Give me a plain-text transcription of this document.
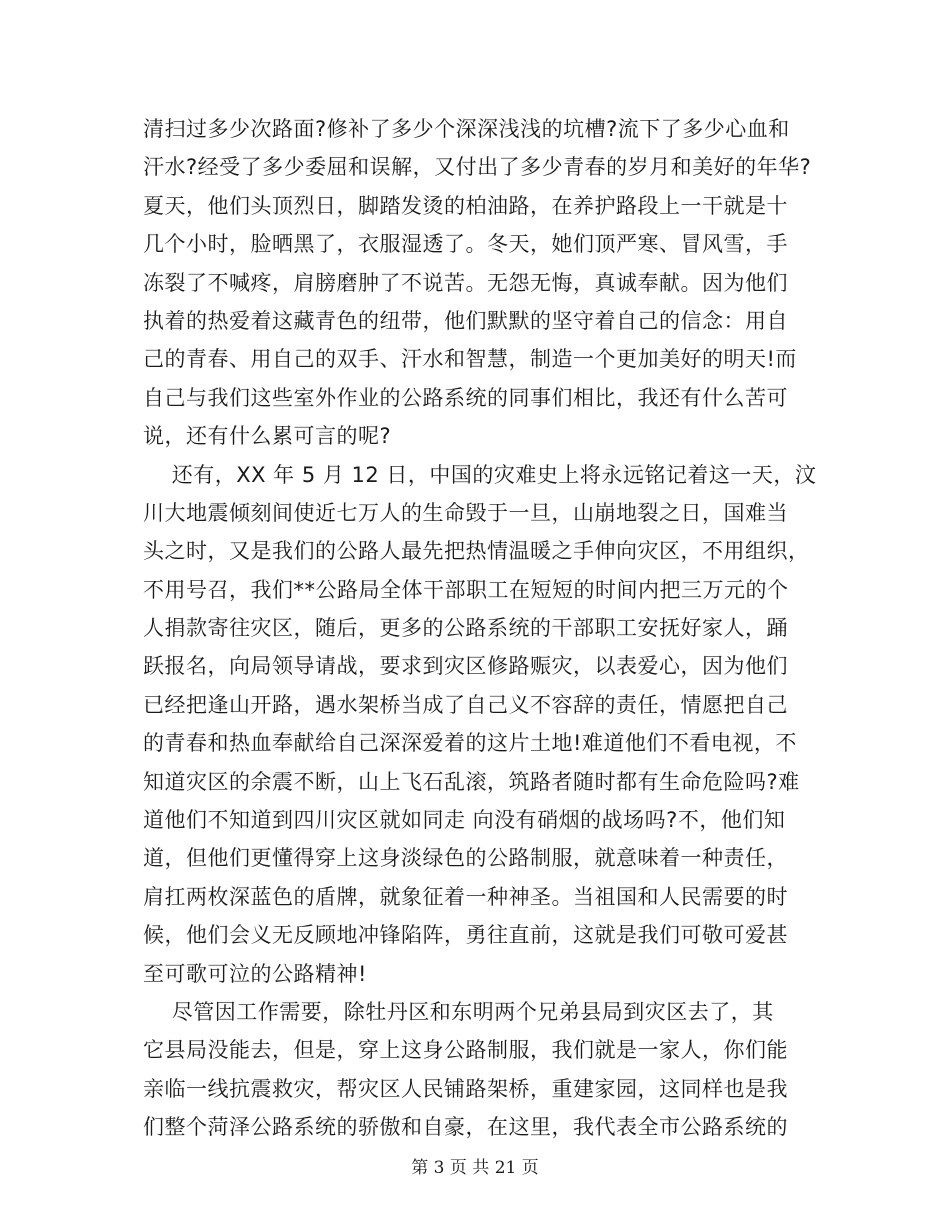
清扫过多少次路面?修补了多少个深深浅浅的坑槽?流下了多少心血和
汗水?经受了多少委屈和误解，又付出了多少青春的岁月和美好的年华?
夏天，他们头顶烈日，脚踏发烫的柏油路，在养护路段上一干就是十
几个小时，脸晒黑了，衣服湿透了。冬天，她们顶严寒、冒风雪，手
冻裂了不喊疼，肩膀磨肿了不说苦。无怨无悔，真诚奉献。因为他们
执着的热爱着这藏青色的纽带，他们默默的坚守着自己的信念：用自
己的青春、用自己的双手、汗水和智慧，制造一个更加美好的明天!而
自己与我们这些室外作业的公路系统的同事们相比，我还有什么苦可
说，还有什么累可言的呢?
还有，XX 年 5 月 12 日，中国的灾难史上将永远铭记着这一天，汶
川大地震倾刻间使近七万人的生命毁于一旦，山崩地裂之日，国难当
头之时，又是我们的公路人最先把热情温暖之手伸向灾区，不用组织，
不用号召，我们**公路局全体干部职工在短短的时间内把三万元的个
人捐款寄往灾区，随后，更多的公路系统的干部职工安抚好家人，踊
跃报名，向局领导请战，要求到灾区修路赈灾，以表爱心，因为他们
已经把逢山开路，遇水架桥当成了自己义不容辞的责任，情愿把自己
的青春和热血奉献给自己深深爱着的这片土地!难道他们不看电视，不
知道灾区的余震不断，山上飞石乱滚，筑路者随时都有生命危险吗?难
道他们不知道到四川灾区就如同走 向没有硝烟的战场吗?不，他们知
道，但他们更懂得穿上这身淡绿色的公路制服，就意味着一种责任，
肩扛两枚深蓝色的盾牌，就象征着一种神圣。当祖国和人民需要的时
候，他们会义无反顾地冲锋陷阵，勇往直前，这就是我们可敬可爱甚
至可歌可泣的公路精神!
尽管因工作需要，除牡丹区和东明两个兄弟县局到灾区去了，其
它县局没能去，但是，穿上这身公路制服，我们就是一家人，你们能
亲临一线抗震救灾，帮灾区人民铺路架桥，重建家园，这同样也是我
们整个菏泽公路系统的骄傲和自豪，在这里，我代表全市公路系统的
第 3 页 共 21 页
